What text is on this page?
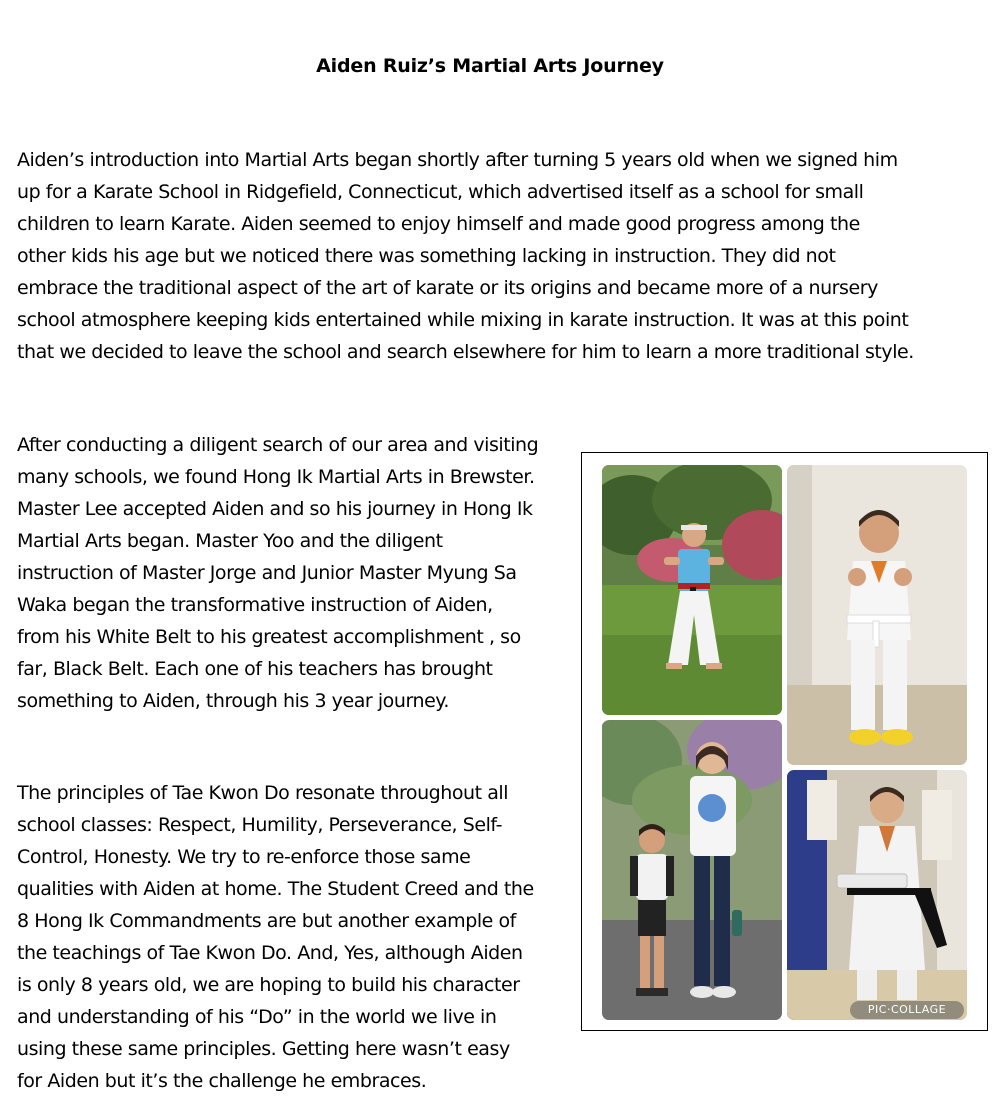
Aiden Ruiz’s Martial Arts Journey
Aiden’s introduction into Martial Arts began shortly after turning 5 years old when we signed him
up for a Karate School in Ridgefield, Connecticut, which advertised itself as a school for small
children to learn Karate. Aiden seemed to enjoy himself and made good progress among the
other kids his age but we noticed there was something lacking in instruction. They did not
embrace the traditional aspect of the art of karate or its origins and became more of a nursery
school atmosphere keeping kids entertained while mixing in karate instruction. It was at this point
that we decided to leave the school and search elsewhere for him to learn a more traditional style.
After conducting a diligent search of our area and visiting
many schools, we found Hong Ik Martial Arts in Brewster.
Master Lee accepted Aiden and so his journey in Hong Ik
Martial Arts began. Master Yoo and the diligent
instruction of Master Jorge and Junior Master Myung Sa
Waka began the transformative instruction of Aiden,
from his White Belt to his greatest accomplishment , so
far, Black Belt. Each one of his teachers has brought
something to Aiden, through his 3 year journey.
The principles of Tae Kwon Do resonate throughout all
school classes: Respect, Humility, Perseverance, Self-
Control, Honesty. We try to re-enforce those same
qualities with Aiden at home. The Student Creed and the
8 Hong Ik Commandments are but another example of
the teachings of Tae Kwon Do. And, Yes, although Aiden
is only 8 years old, we are hoping to build his character
and understanding of his “Do” in the world we live in
using these same principles. Getting here wasn’t easy
for Aiden but it’s the challenge he embraces.
PIC·COLLAGE
